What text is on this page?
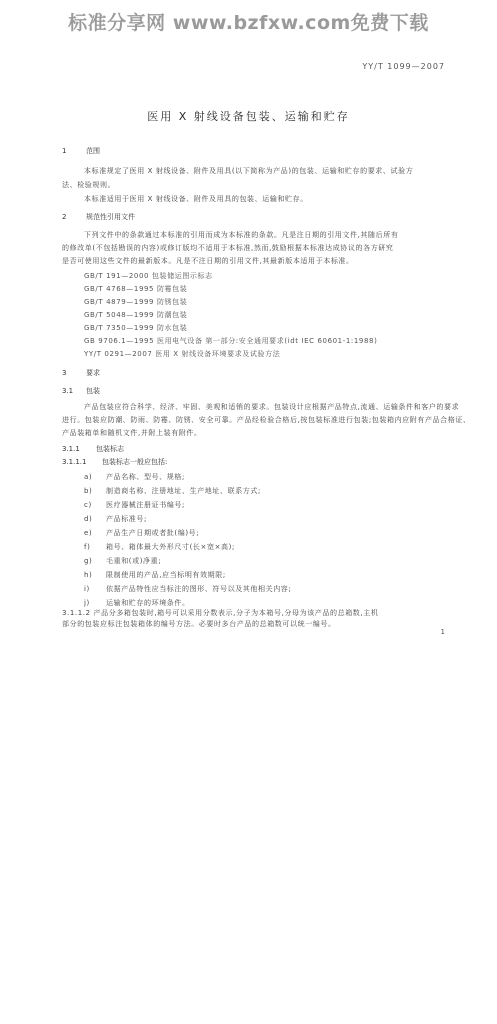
标准分享网 www.bzfxw.com免费下载
YY/T 1099—2007
医用 X 射线设备包装、运输和贮存
1	范围
本标准规定了医用 X 射线设备、附件及用具(以下简称为产品)的包装、运输和贮存的要求、试验方
法、检验规则。
本标准适用于医用 X 射线设备、附件及用具的包装、运输和贮存。
2	规范性引用文件
下列文件中的条款通过本标准的引用而成为本标准的条款。凡是注日期的引用文件,其随后所有
的修改单(不包括勘误的内容)或修订版均不适用于本标准,然而,鼓励根据本标准达成协议的各方研究
是否可使用这些文件的最新版本。凡是不注日期的引用文件,其最新版本适用于本标准。
GB/T 191—2000 包装储运图示标志
GB/T 4768—1995 防霉包装
GB/T 4879—1999 防锈包装
GB/T 5048—1999 防潮包装
GB/T 7350—1999 防水包装
GB 9706.1—1995 医用电气设备 第一部分:安全通用要求(idt IEC 60601-1:1988)
YY/T 0291—2007 医用 X 射线设备环境要求及试验方法
3	要求
3.1 包装
产品包装应符合科学、经济、牢固、美观和适销的要求。包装设计应根据产品特点,流通、运输条件和客户的要求
进行。包装应防潮、防雨、防霉、防锈、安全可靠。产品经检验合格后,按包装标准进行包装;包装箱内应附有产品合格证、
产品装箱单和随机文件,并附上装有附件。
3.1.1 包装标志
3.1.1.1 包装标志一般应包括:
a) 产品名称、型号、规格;
b) 制造商名称、注册地址、生产地址、联系方式;
c) 医疗器械注册证书编号;
d) 产品标准号;
e) 产品生产日期或者批(编)号;
f) 箱号、箱体最大外形尺寸(长×宽×高);
g) 毛重和(或)净重;
h) 限制使用的产品,应当标明有效期限;
i) 依据产品特性应当标注的图形、符号以及其他相关内容;
j) 运输和贮存的环境条件。
3.1.1.2 产品分多箱包装时,箱号可以采用分数表示,分子为本箱号,分母为该产品的总箱数,主机
部分的包装应标注包装箱体的编号方法。必要时多台产品的总箱数可以统一编号。
1
